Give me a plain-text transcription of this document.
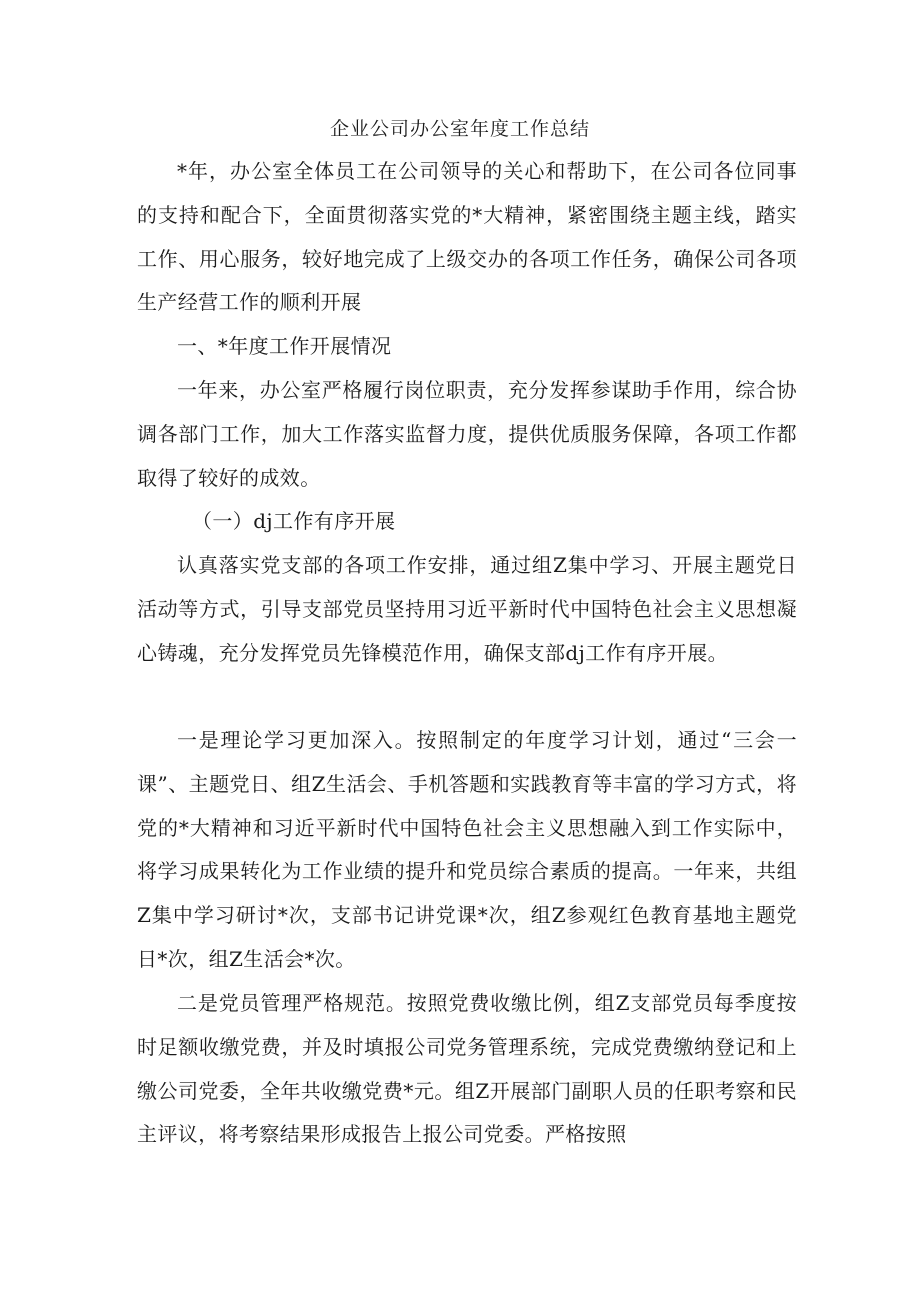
企业公司办公室年度工作总结

*年，办公室全体员工在公司领导的关心和帮助下，在公司各位同事的支持和配合下，全面贯彻落实党的*大精神，紧密围绕主题主线，踏实工作、用心服务，较好地完成了上级交办的各项工作任务，确保公司各项生产经营工作的顺利开展

一、*年度工作开展情况

一年来，办公室严格履行岗位职责，充分发挥参谋助手作用，综合协调各部门工作，加大工作落实监督力度，提供优质服务保障，各项工作都取得了较好的成效。

（一）dj工作有序开展

认真落实党支部的各项工作安排，通过组Z集中学习、开展主题党日活动等方式，引导支部党员坚持用习近平新时代中国特色社会主义思想凝心铸魂，充分发挥党员先锋模范作用，确保支部dj工作有序开展。

一是理论学习更加深入。按照制定的年度学习计划，通过“三会一课”、主题党日、组Z生活会、手机答题和实践教育等丰富的学习方式，将党的*大精神和习近平新时代中国特色社会主义思想融入到工作实际中，将学习成果转化为工作业绩的提升和党员综合素质的提高。一年来，共组Z集中学习研讨*次，支部书记讲党课*次，组Z参观红色教育基地主题党日*次，组Z生活会*次。

二是党员管理严格规范。按照党费收缴比例，组Z支部党员每季度按时足额收缴党费，并及时填报公司党务管理系统，完成党费缴纳登记和上缴公司党委，全年共收缴党费*元。组Z开展部门副职人员的任职考察和民主评议，将考察结果形成报告上报公司党委。严格按照
